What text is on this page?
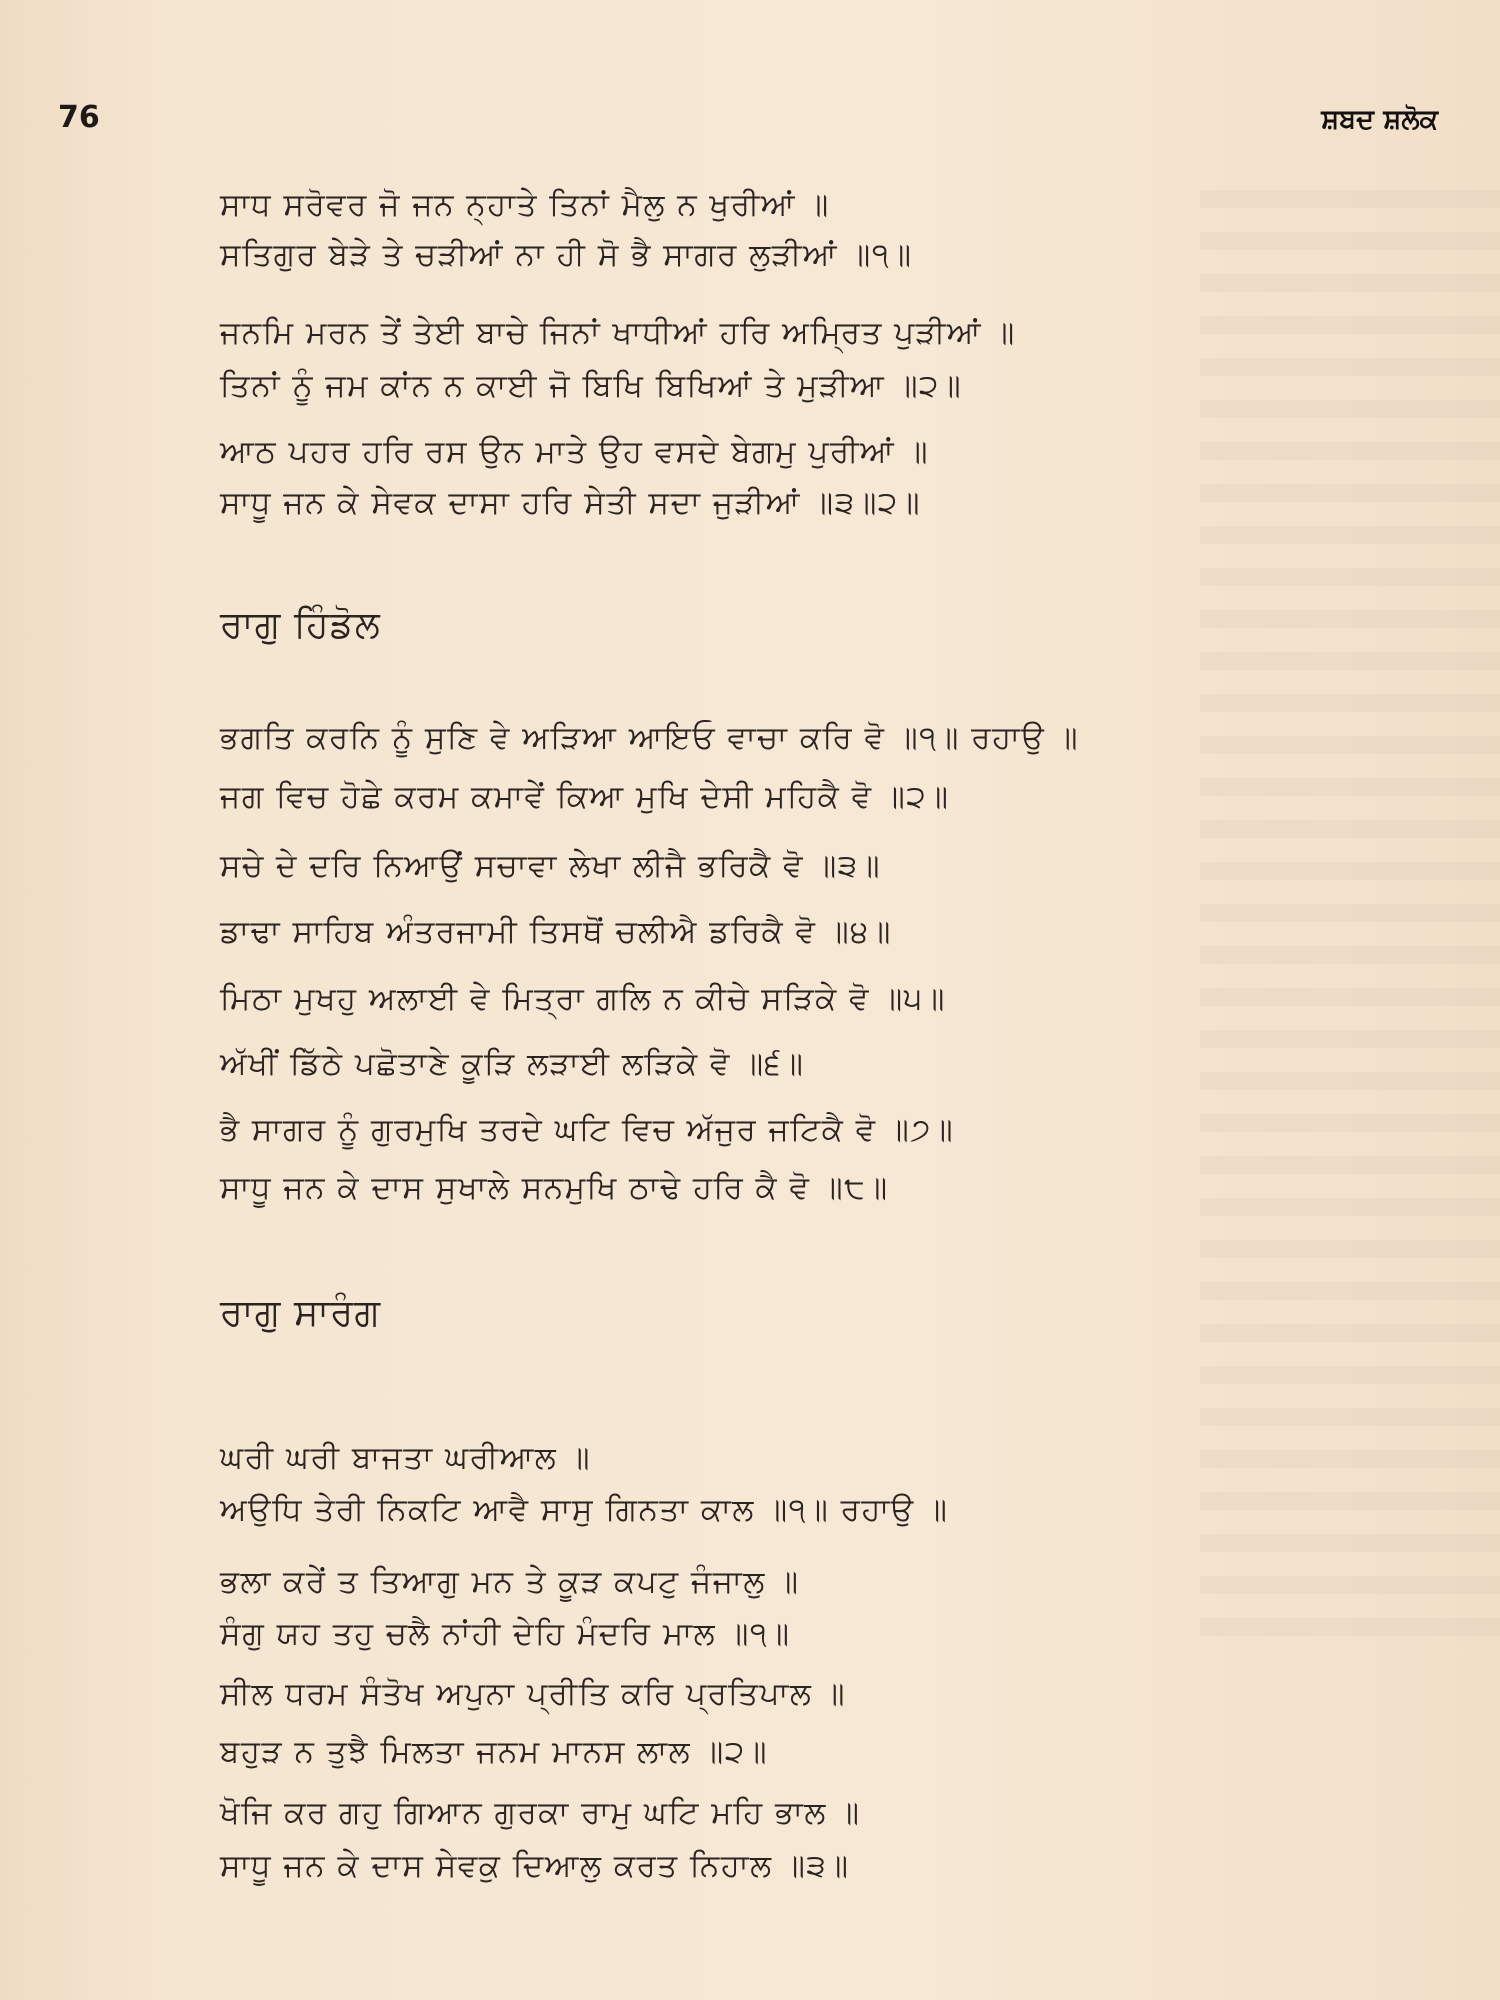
76	ਸ਼ਬਦ ਸ਼ਲੋਕ
ਸਾਧ ਸਰੋਵਰ ਜੋ ਜਨ ਨ੍ਹਾਤੇ ਤਿਨਾਂ ਮੈਲੁ ਨ ਖੁਰੀਆਂ ॥
ਸਤਿਗੁਰ ਬੇੜੇ ਤੇ ਚੜੀਆਂ ਨਾ ਹੀ ਸੋ ਭੈ ਸਾਗਰ ਲੁੜੀਆਂ ॥੧॥
ਜਨਮਿ ਮਰਨ ਤੇਂ ਤੇਈ ਬਾਚੇ ਜਿਨਾਂ ਖਾਧੀਆਂ ਹਰਿ ਅਮ੍ਰਿਤ ਪੁੜੀਆਂ ॥
ਤਿਨਾਂ ਨੂੰ ਜਮ ਕਾਂਨ ਨ ਕਾਈ ਜੋ ਬਿਖਿ ਬਿਖਿਆਂ ਤੇ ਮੁੜੀਆ ॥੨॥
ਆਠ ਪਹਰ ਹਰਿ ਰਸ ਉਨ ਮਾਤੇ ਉਹ ਵਸਦੇ ਬੇਗਮੁ ਪੁਰੀਆਂ ॥
ਸਾਧੂ ਜਨ ਕੇ ਸੇਵਕ ਦਾਸਾ ਹਰਿ ਸੇਤੀ ਸਦਾ ਜੁੜੀਆਂ ॥੩॥੨॥
ਰਾਗੁ ਹਿੰਡੋਲ
ਭਗਤਿ ਕਰਨਿ ਨੂੰ ਸੁਣਿ ਵੇ ਅੜਿਆ ਆਇਓ ਵਾਚਾ ਕਰਿ ਵੋ ॥੧॥ ਰਹਾਉ ॥
ਜਗ ਵਿਚ ਹੋਛੇ ਕਰਮ ਕਮਾਵੇਂ ਕਿਆ ਮੁਖਿ ਦੇਸੀ ਮਹਿਕੈ ਵੋ ॥੨॥
ਸਚੇ ਦੇ ਦਰਿ ਨਿਆਉਂ ਸਚਾਵਾ ਲੇਖਾ ਲੀਜੈ ਭਰਿਕੈ ਵੋ ॥੩॥
ਡਾਢਾ ਸਾਹਿਬ ਅੰਤਰਜਾਮੀ ਤਿਸਥੋਂ ਚਲੀਐ ਡਰਿਕੈ ਵੋ ॥੪॥
ਮਿਠਾ ਮੁਖਹੁ ਅਲਾਈ ਵੇ ਮਿਤ੍ਰਾ ਗਲਿ ਨ ਕੀਚੇ ਸੜਿਕੇ ਵੋ ॥੫॥
ਅੱਖੀਂ ਡਿੱਠੇ ਪਛੋਤਾਣੇ ਕੂੜਿ ਲੜਾਈ ਲੜਿਕੇ ਵੋ ॥੬॥
ਭੈ ਸਾਗਰ ਨੂੰ ਗੁਰਮੁਖਿ ਤਰਦੇ ਘਟਿ ਵਿਚ ਅੱਜੁਰ ਜਟਿਕੈ ਵੋ ॥੭॥
ਸਾਧੂ ਜਨ ਕੇ ਦਾਸ ਸੁਖਾਲੇ ਸਨਮੁਖਿ ਠਾਢੇ ਹਰਿ ਕੈ ਵੋ ॥੮॥
ਰਾਗੁ ਸਾਰੰਗ
ਘਰੀ ਘਰੀ ਬਾਜਤਾ ਘਰੀਆਲ ॥
ਅਉਧਿ ਤੇਰੀ ਨਿਕਟਿ ਆਵੈ ਸਾਸੁ ਗਿਨਤਾ ਕਾਲ ॥੧॥ ਰਹਾਉ ॥
ਭਲਾ ਕਰੇਂ ਤ ਤਿਆਗੁ ਮਨ ਤੇ ਕੂੜ ਕਪਟੁ ਜੰਜਾਲੁ ॥
ਸੰਗੁ ਯਹ ਤਹੁ ਚਲੈ ਨਾਂਹੀ ਦੇਹਿ ਮੰਦਰਿ ਮਾਲ ॥੧॥
ਸੀਲ ਧਰਮ ਸੰਤੋਖ ਅਪੁਨਾ ਪ੍ਰੀਤਿ ਕਰਿ ਪ੍ਰਤਿਪਾਲ ॥
ਬਹੁੜ ਨ ਤੁਝੈ ਮਿਲਤਾ ਜਨਮ ਮਾਨਸ ਲਾਲ ॥੨॥
ਖੋਜਿ ਕਰ ਗਹੁ ਗਿਆਨ ਗੁਰਕਾ ਰਾਮੁ ਘਟਿ ਮਹਿ ਭਾਲ ॥
ਸਾਧੂ ਜਨ ਕੇ ਦਾਸ ਸੇਵਕੁ ਦਿਆਲੁ ਕਰਤ ਨਿਹਾਲ ॥੩॥
